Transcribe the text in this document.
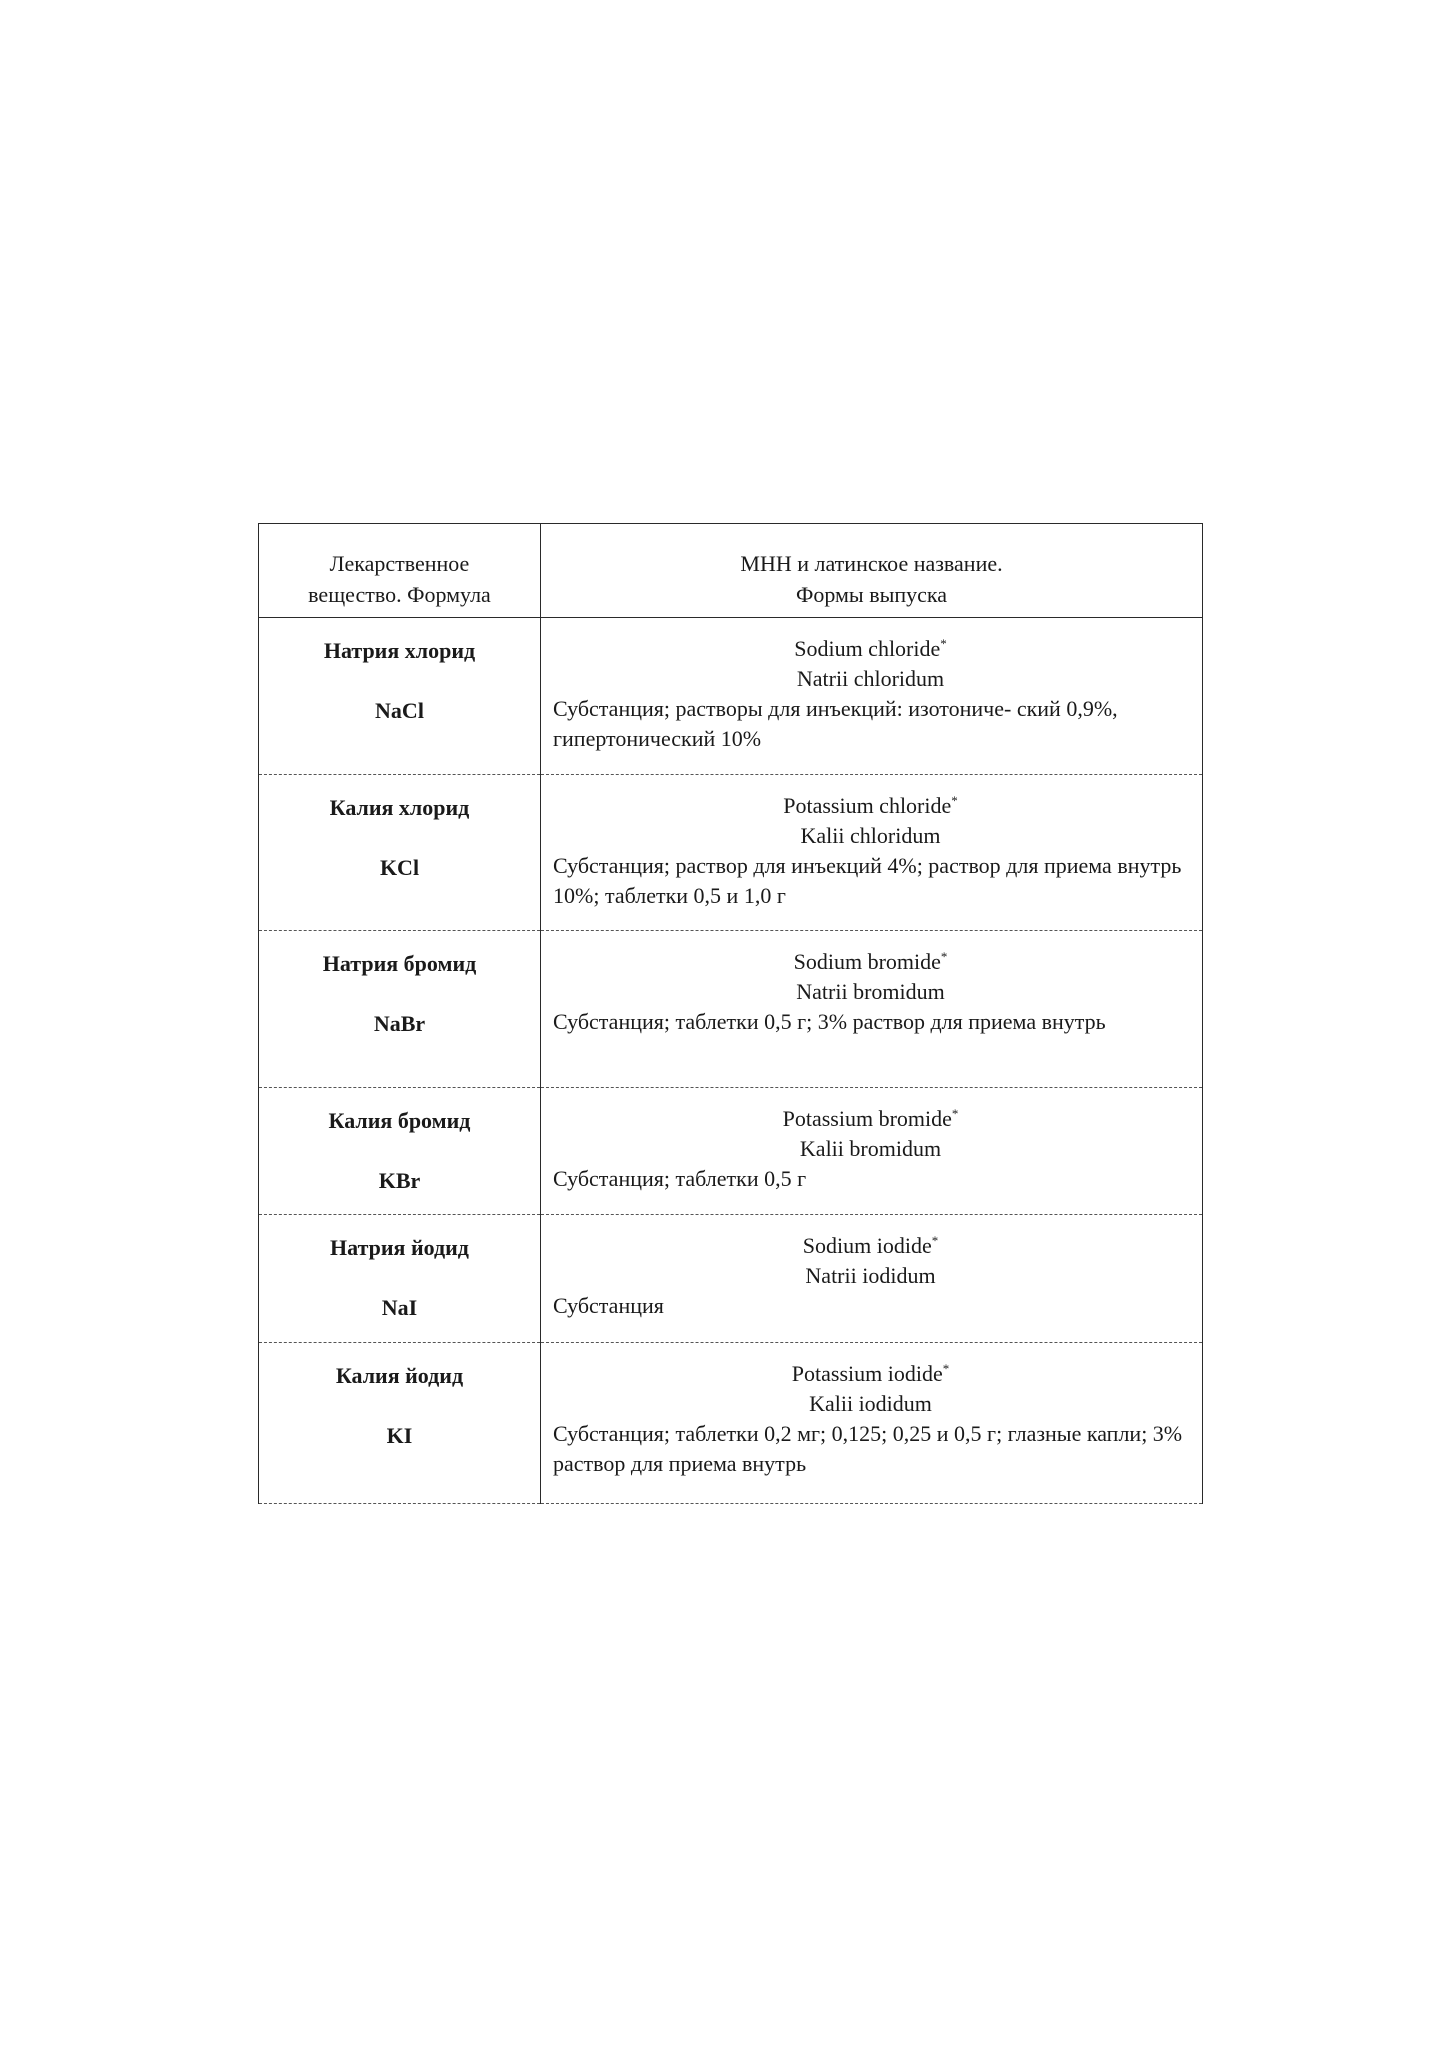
Лекарственное вещество. Формула	МНН и латинское название.
Формы выпуска

Натрия хлорид
NaCl	Sodium chloride*
Natrii chloridum
Субстанция; растворы для инъекций: изотониче- ский 0,9%, гипертонический 10%

Калия хлорид
KCl	Potassium chloride*
Kalii chloridum
Субстанция; раствор для инъекций 4%; раствор для приема внутрь 10%; таблетки 0,5 и 1,0 г

Натрия бромид
NaBr	Sodium bromide*
Natrii bromidum
Субстанция; таблетки 0,5 г; 3% раствор для приема внутрь

Калия бромид
KBr	Potassium bromide*
Kalii bromidum
Субстанция; таблетки 0,5 г

Натрия йодид
NaI	Sodium iodide*
Natrii iodidum
Субстанция

Калия йодид
KI	Potassium iodide*
Kalii iodidum
Субстанция; таблетки 0,2 мг; 0,125; 0,25 и 0,5 г; глазные капли; 3% раствор для приема внутрь
